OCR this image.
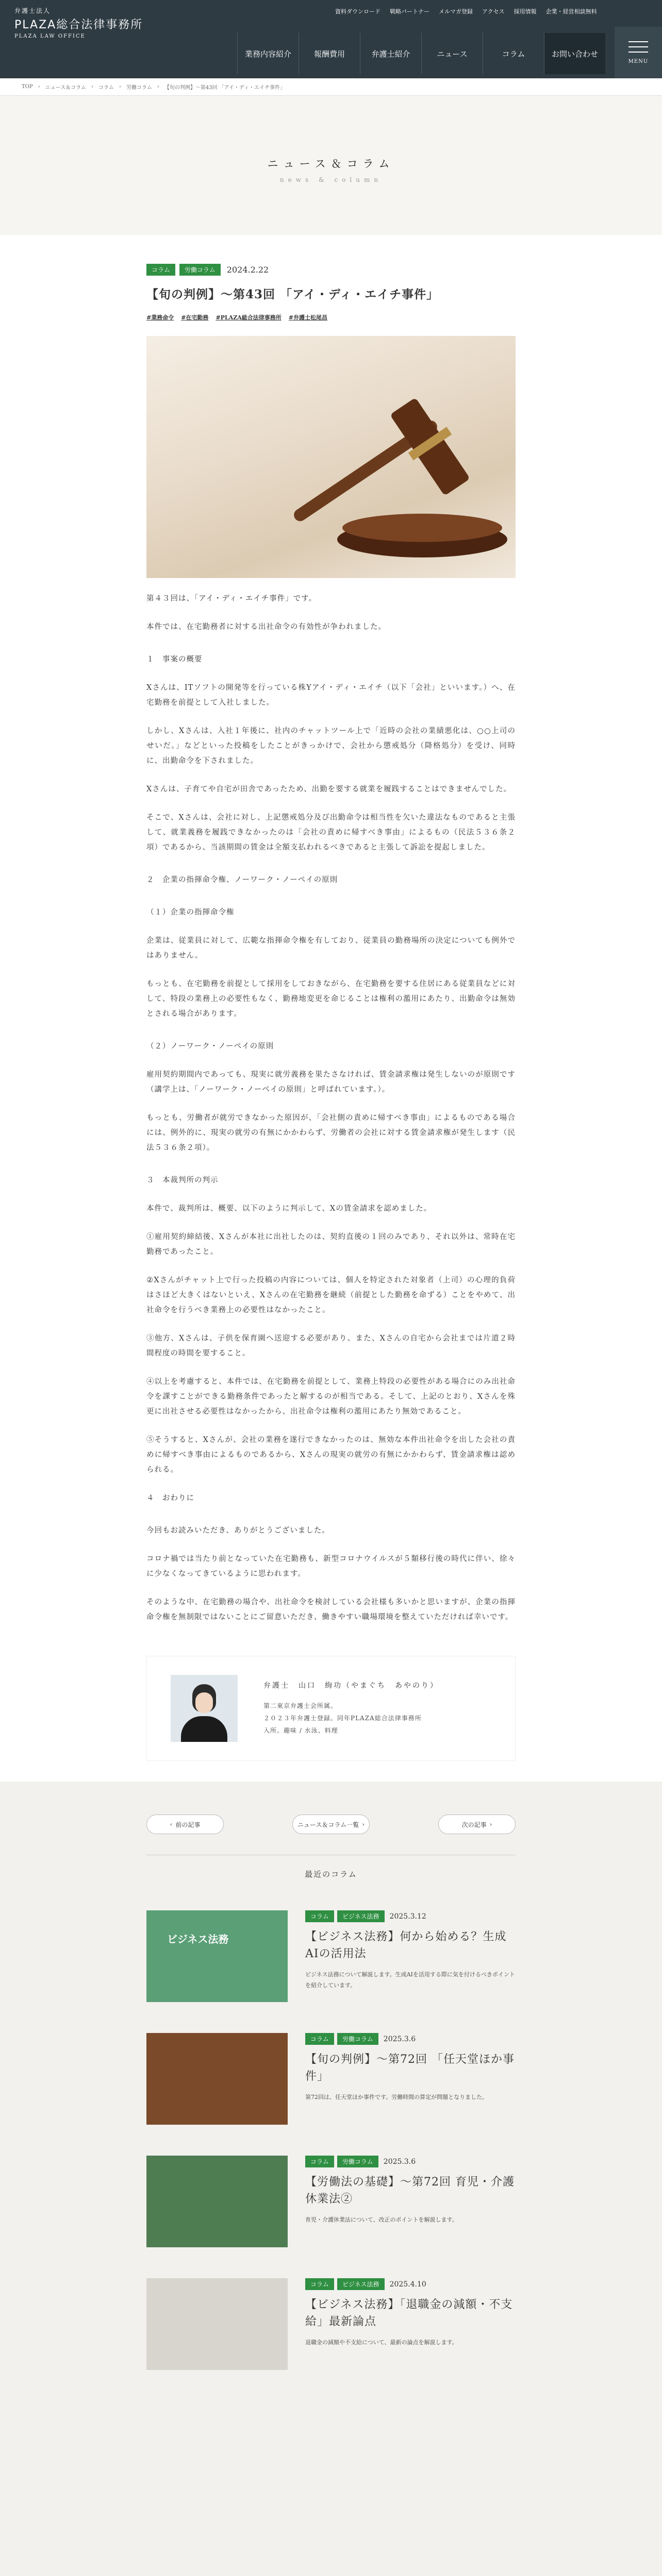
弁護士法人
PLAZA総合法律事務所
PLAZA LAW OFFICE
資料ダウンロード 戦略パートナー メルマガ登録 アクセス 採用情報 企業・経営相談無料
業務内容紹介	報酬費用	弁護士紹介	ニュース	コラム	お問い合わせ
MENU
TOP › ニュース＆コラム › コラム › 労働コラム › 【旬の判例】〜第43回 「アイ・ディ・エイチ事件」
ニュース＆コラム
news & column
コラム	労働コラム	2024.2.22
【旬の判例】〜第43回 「アイ・ディ・エイチ事件」
#業務命令 #在宅勤務 #PLAZA総合法律事務所 #弁護士松尾昌

第４３回は、「アイ・ディ・エイチ事件」です。

本件では、在宅勤務者に対する出社命令の有効性が争われました。

１　事案の概要

Xさんは、ITソフトの開発等を行っている株Yアイ・ディ・エイチ（以下「会社」といいます。）へ、在宅勤務を前提として入社しました。

しかし、Xさんは、入社１年後に、社内のチャットツール上で「近時の会社の業績悪化は、○○上司のせいだ。」などといった投稿をしたことがきっかけで、会社から懲戒処分（降格処分）を受け、同時に、出勤命令を下されました。

Xさんは、子育てや自宅が田舎であったため、出勤を要する就業を履践することはできませんでした。

そこで、Xさんは、会社に対し、上記懲戒処分及び出勤命令は相当性を欠いた違法なものであると主張して、就業義務を履践できなかったのは「会社の責めに帰すべき事由」によるもの（民法５３６条２項）であるから、当該期間の賃金は全額支払われるべきであると主張して訴訟を提起しました。

２　企業の指揮命令権、ノーワーク・ノーペイの原則

（１）企業の指揮命令権

企業は、従業員に対して、広範な指揮命令権を有しており、従業員の勤務場所の決定についても例外ではありません。

もっとも、在宅勤務を前提として採用をしておきながら、在宅勤務を要する住居にある従業員などに対して、特段の業務上の必要性もなく、勤務地変更を命じることは権利の濫用にあたり、出勤命令は無効とされる場合があります。

（２）ノーワーク・ノーペイの原則

雇用契約期間内であっても、現実に就労義務を果たさなければ、賃金請求権は発生しないのが原則です（講学上は、「ノーワーク・ノーペイの原則」と呼ばれています。）。

もっとも、労働者が就労できなかった原因が、「会社側の責めに帰すべき事由」によるものである場合には、例外的に、現実の就労の有無にかかわらず、労働者の会社に対する賃金請求権が発生します（民法５３６条２項）。

３　本裁判所の判示

本件で、裁判所は、概要、以下のように判示して、Xの賃金請求を認めました。

①雇用契約締結後、Xさんが本社に出社したのは、契約直後の１回のみであり、それ以外は、常時在宅勤務であったこと。

②Xさんがチャット上で行った投稿の内容については、個人を特定された対象者（上司）の心理的負荷はさほど大きくはないといえ、Xさんの在宅勤務を継続（前提とした勤務を命ずる）ことをやめて、出社命令を行うべき業務上の必要性はなかったこと。

③他方、Xさんは、子供を保育園へ送迎する必要があり、また、Xさんの自宅から会社までは片道２時間程度の時間を要すること。

④以上を考慮すると、本件では、在宅勤務を前提として、業務上特段の必要性がある場合にのみ出社命令を課すことができる勤務条件であったと解するのが相当である。そして、上記のとおり、Xさんを殊更に出社させる必要性はなかったから、出社命令は権利の濫用にあたり無効であること。

⑤そうすると、Xさんが、会社の業務を遂行できなかったのは、無効な本件出社命令を出した会社の責めに帰すべき事由によるものであるから、Xさんの現実の就労の有無にかかわらず、賃金請求権は認められる。

４　おわりに

今回もお読みいただき、ありがとうございました。

コロナ禍では当たり前となっていた在宅勤務も、新型コロナウイルスが５類移行後の時代に伴い、徐々に少なくなってきているように思われます。

そのような中、在宅勤務の場合や、出社命令を検討している会社様も多いかと思いますが、企業の指揮命令権を無制限ではないことにご留意いただき、働きやすい職場環境を整えていただければ幸いです。

弁護士　山口　絢功（やまぐち　あやのり）
第二東京弁護士会所属。
２０２３年弁護士登録。同年PLAZA総合法律事務所
入所。趣味 / 水泳、料理
‹ 前の記事	ニュース＆コラム一覧 ›	次の記事 ›
最近のコラム
ビジネス法務
コラム	ビジネス法務	2025.3.12
【ビジネス法務】何から始める？生成AIの活用法
ビジネス法務について解説します。生成AIを活用する際に気を付けるべきポイントを紹介しています。
コラム	労働コラム	2025.3.6
【旬の判例】〜第72回 「任天堂ほか事件」
第72回は、任天堂ほか事件です。労働時間の算定が問題となりました。
コラム	労働コラム	2025.3.6
【労働法の基礎】〜第72回 育児・介護休業法②
育児・介護休業法について、改正のポイントを解説します。
コラム	ビジネス法務	2025.4.10
【ビジネス法務】「退職金の減額・不支給」最新論点
退職金の減額や不支給について、最新の論点を解説します。
